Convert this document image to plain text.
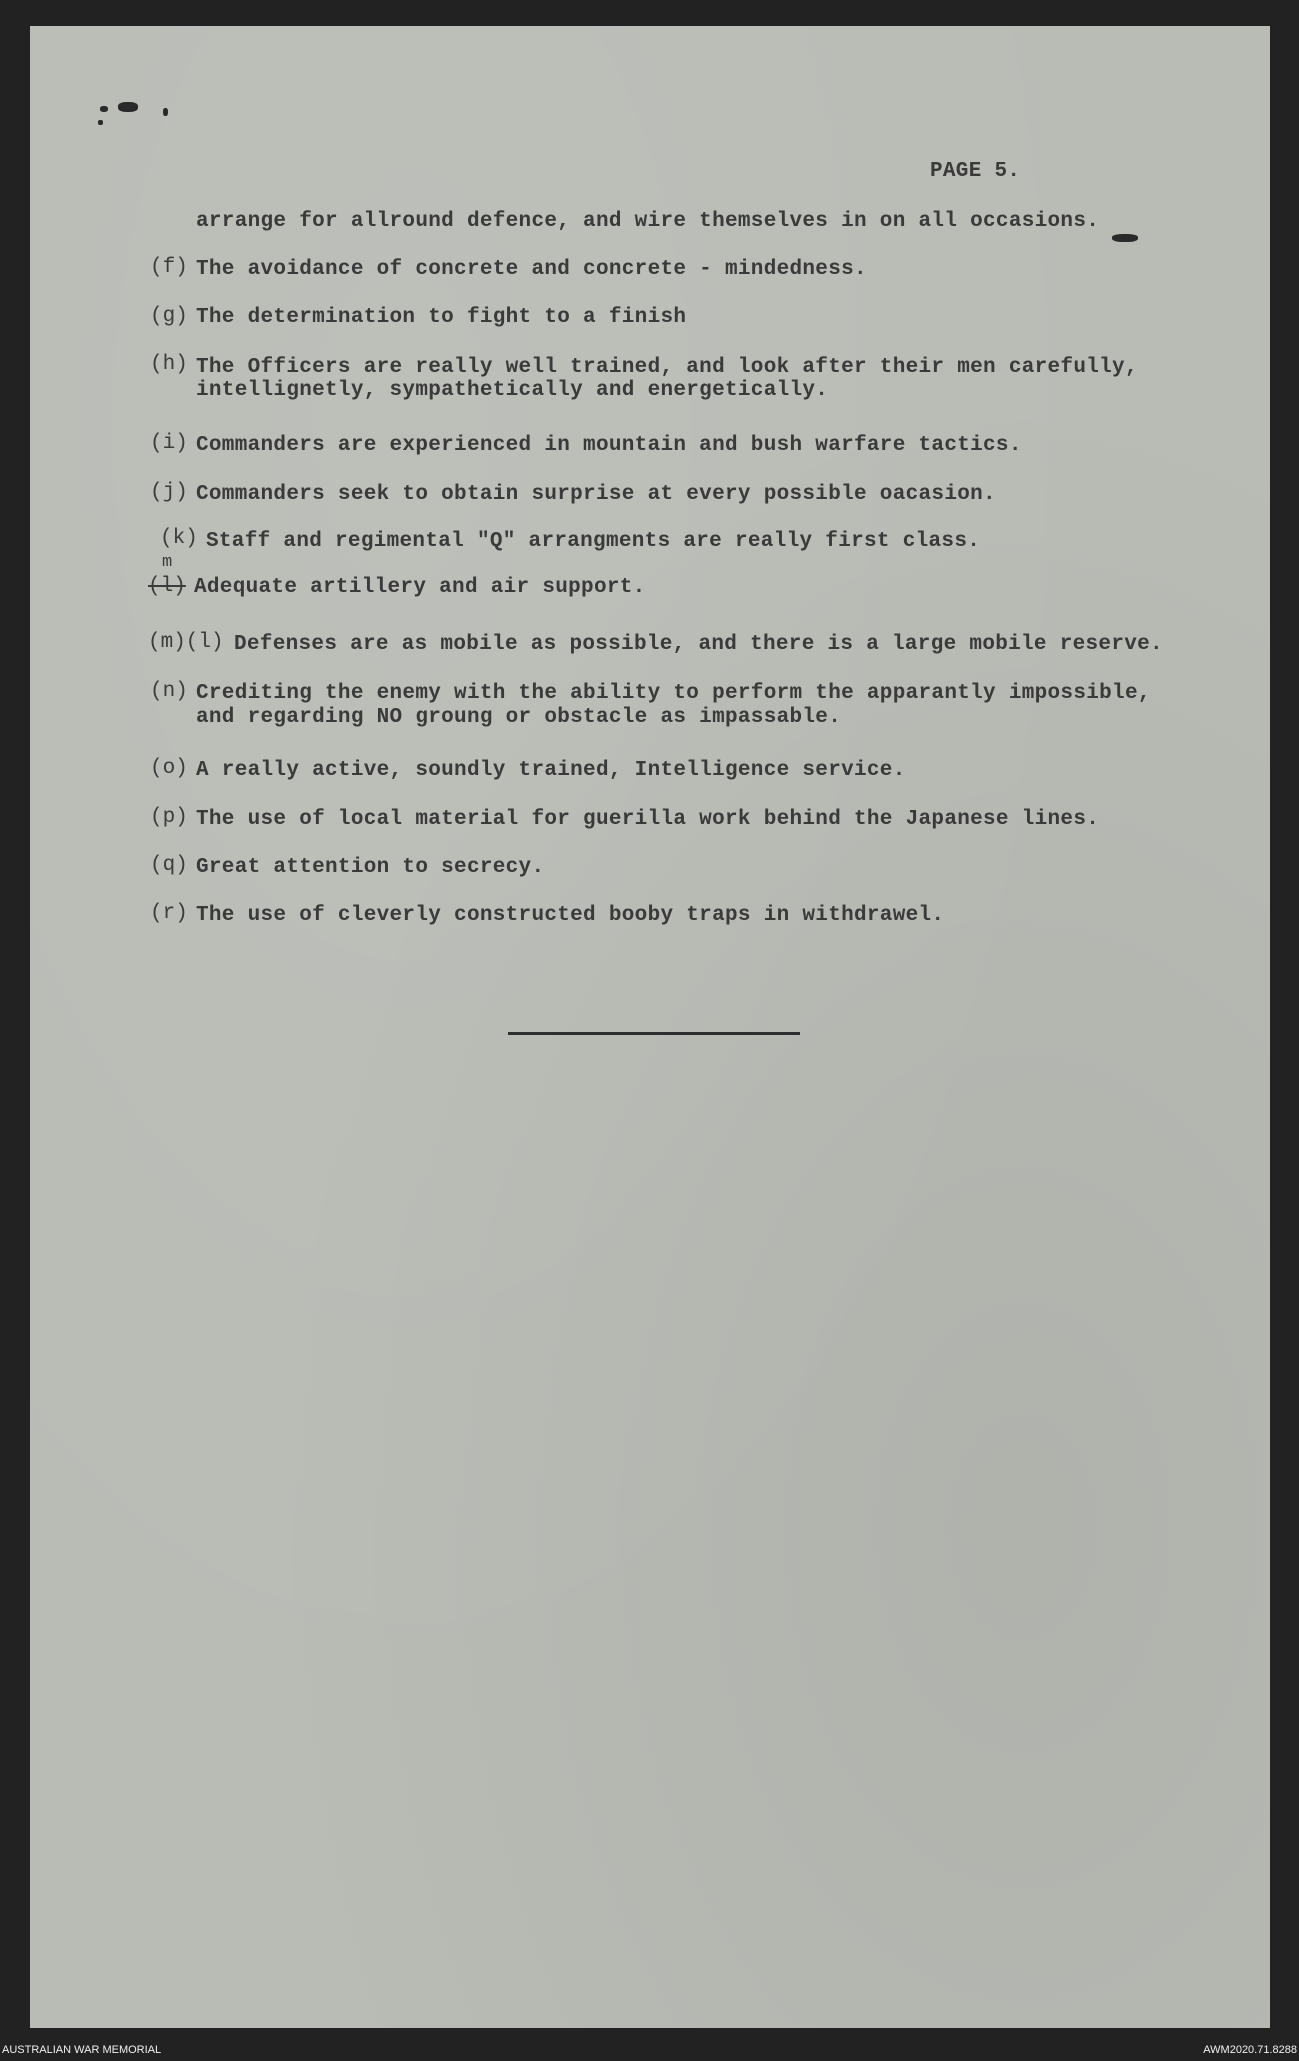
PAGE 5.
arrange for allround defence, and wire themselves in on all occasions.
(f) The avoidance of concrete and concrete - mindedness.
(g) The determination to fight to a finish
(h) The Officers are really well trained, and look after their men carefully,
intellignetly, sympathetically and energetically.
(i) Commanders are experienced in mountain and bush warfare tactics.
(j) Commanders seek to obtain surprise at every possible oacasion.
(k) Staff and regimental "Q" arrangments are really first class.
m
(l) Adequate artillery and air support.
(m)(l) Defenses are as mobile as possible, and there is a large mobile reserve.
(n) Crediting the enemy with the ability to perform the apparantly impossible,
and regarding NO groung or obstacle as impassable.
(o) A really active, soundly trained, Intelligence service.
(p) The use of local material for guerilla work behind the Japanese lines.
(q) Great attention to secrecy.
(r) The use of cleverly constructed booby traps in withdrawel.
AUSTRALIAN WAR MEMORIAL	AWM2020.71.8288
